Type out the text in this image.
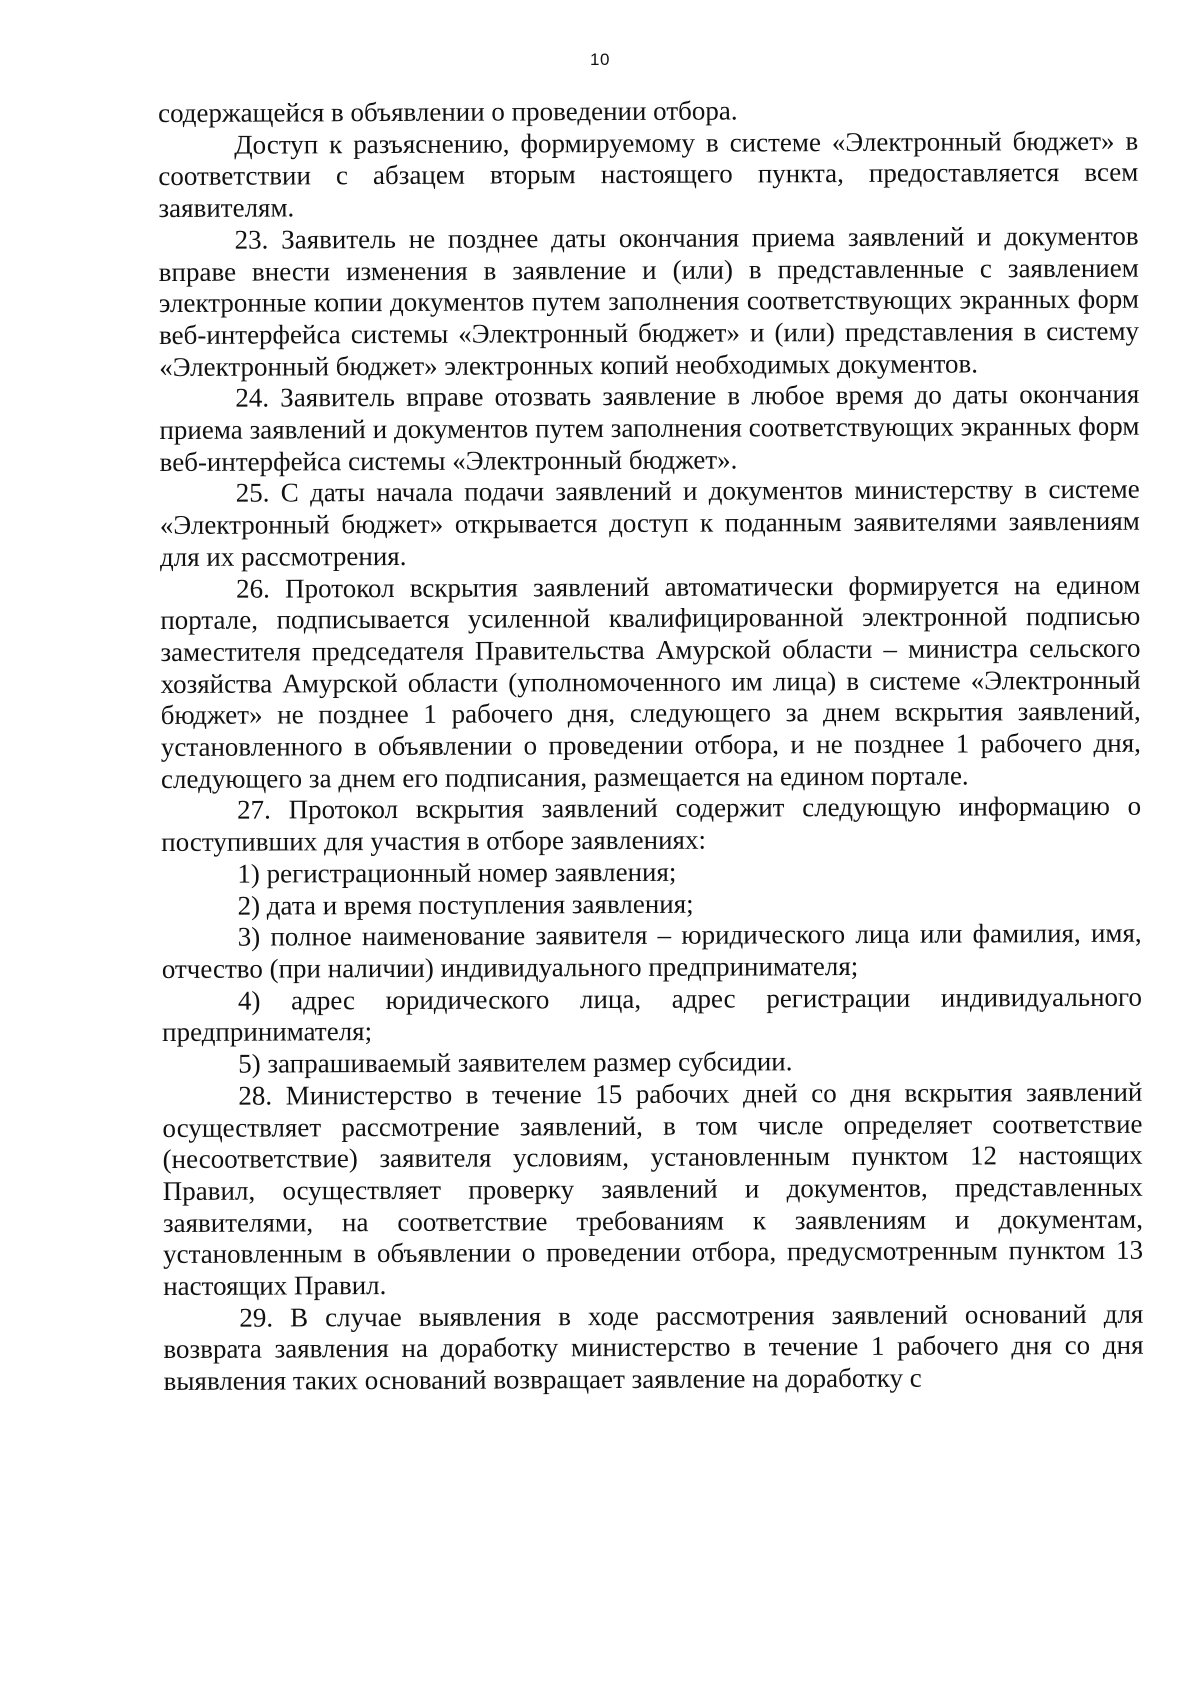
10

содержащейся в объявлении о проведении отбора.

Доступ к разъяснению, формируемому в системе «Электронный бюджет» в соответствии с абзацем вторым настоящего пункта, предоставляется всем заявителям.

23. Заявитель не позднее даты окончания приема заявлений и документов вправе внести изменения в заявление и (или) в представленные с заявлением электронные копии документов путем заполнения соответствующих экранных форм веб-интерфейса системы «Электронный бюджет» и (или) представления в систему «Электронный бюджет» электронных копий необходимых документов.

24. Заявитель вправе отозвать заявление в любое время до даты окончания приема заявлений и документов путем заполнения соответствующих экранных форм веб-интерфейса системы «Электронный бюджет».

25. С даты начала подачи заявлений и документов министерству в системе «Электронный бюджет» открывается доступ к поданным заявителями заявлениям для их рассмотрения.

26. Протокол вскрытия заявлений автоматически формируется на едином портале, подписывается усиленной квалифицированной электронной подписью заместителя председателя Правительства Амурской области – министра сельского хозяйства Амурской области (уполномоченного им лица) в системе «Электронный бюджет» не позднее 1 рабочего дня, следующего за днем вскрытия заявлений, установленного в объявлении о проведении отбора, и не позднее 1 рабочего дня, следующего за днем его подписания, размещается на едином портале.

27. Протокол вскрытия заявлений содержит следующую информацию о поступивших для участия в отборе заявлениях:

1) регистрационный номер заявления;

2) дата и время поступления заявления;

3) полное наименование заявителя – юридического лица или фамилия, имя, отчество (при наличии) индивидуального предпринимателя;

4) адрес юридического лица, адрес регистрации индивидуального предпринимателя;

5) запрашиваемый заявителем размер субсидии.

28. Министерство в течение 15 рабочих дней со дня вскрытия заявлений осуществляет рассмотрение заявлений, в том числе определяет соответствие (несоответствие) заявителя условиям, установленным пунктом 12 настоящих Правил, осуществляет проверку заявлений и документов, представленных заявителями, на соответствие требованиям к заявлениям и документам, установленным в объявлении о проведении отбора, предусмотренным пунктом 13 настоящих Правил.

29. В случае выявления в ходе рассмотрения заявлений оснований для возврата заявления на доработку министерство в течение 1 рабочего дня со дня выявления таких оснований возвращает заявление на доработку с
